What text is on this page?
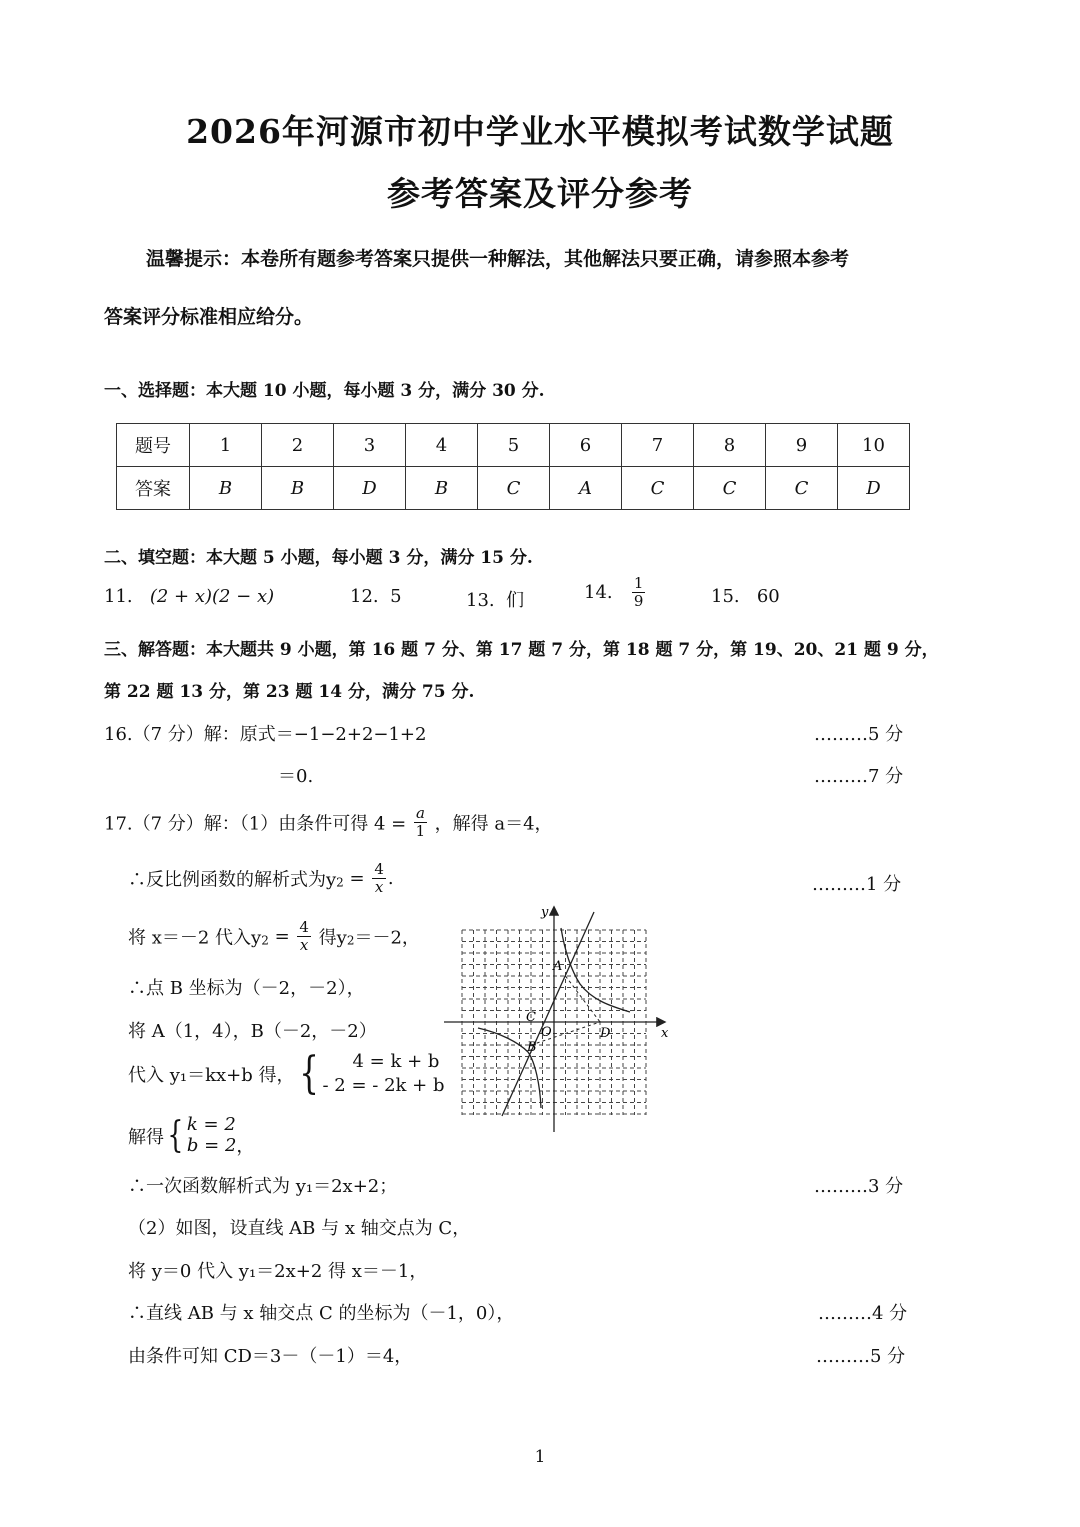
2026年河源市初中学业水平模拟考试数学试题
参考答案及评分参考
温馨提示：本卷所有题参考答案只提供一种解法，其他解法只要正确，请参照本参考
答案评分标准相应给分。
一、选择题：本大题 10 小题，每小题 3 分，满分 30 分.
题号	1	2	3	4	5	6	7	8	9	10
答案	B	B	D	B	C	A	C	C	C	D
二、填空题：本大题 5 小题，每小题 3 分，满分 15 分.
11. (2 + x)(2 − x)	12. 5	13. 们	14. $\frac{1}{9}$	15. 60
三、解答题：本大题共 9 小题，第 16 题 7 分、第 17 题 7 分，第 18 题 7 分，第 19、20、21 题 9 分，
第 22 题 13 分，第 23 题 14 分，满分 75 分.
16.（7 分）解：原式＝−1−2+2−1+2	………5 分
＝0.	………7 分
17.（7 分）解：（1）由条件可得 $4 = \frac{a}{1}$ ，解得 a＝4，
∴反比例函数的解析式为$y_2 = \frac{4}{x}$ .	………1 分
将 x＝－2 代入$y_2 = \frac{4}{x}$ 得$y_2=-2$，
∴点 B 坐标为（－2，－2），
将 A（1，4），B（－2，－2）
代入 y₁＝kx+b 得， {	4 = k + b
- 2 = - 2k + b
解得 { k = 2
b = 2 ，
∴一次函数解析式为 y₁＝2x+2；	………3 分
（2）如图，设直线 AB 与 x 轴交点为 C，
将 y＝0 代入 y₁＝2x+2 得 x＝－1，
∴直线 AB 与 x 轴交点 C 的坐标为（－1，0），	………4 分
由条件可知 CD＝3－（－1）＝4，	………5 分
y
x
A
C
O	D
B
1
